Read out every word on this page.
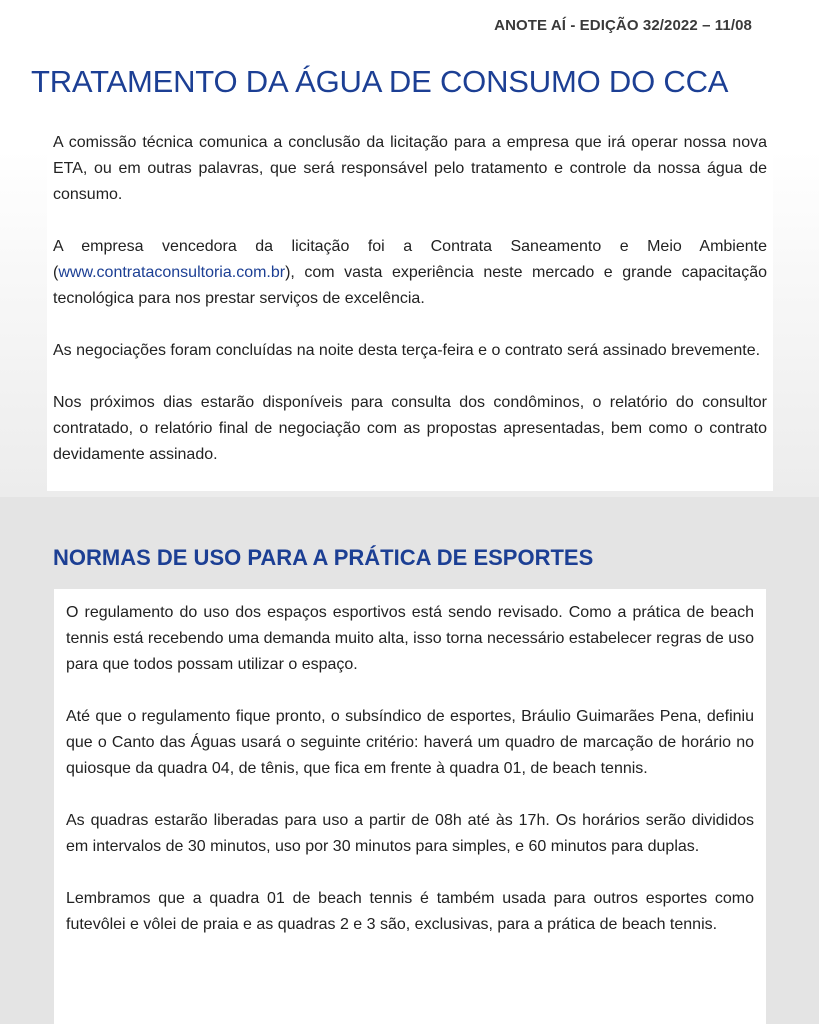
ANOTE AÍ - EDIÇÃO 32/2022 – 11/08
TRATAMENTO DA ÁGUA DE CONSUMO DO CCA

A comissão técnica comunica a conclusão da licitação para a empresa que irá operar nossa nova ETA, ou em outras palavras, que será responsável pelo tratamento e controle da nossa água de consumo.

A empresa vencedora da licitação foi a Contrata Saneamento e Meio Ambiente (www.contrataconsultoria.com.br), com vasta experiência neste mercado e grande capacitação tecnológica para nos prestar serviços de excelência.

As negociações foram concluídas na noite desta terça-feira e o contrato será assinado brevemente.

Nos próximos dias estarão disponíveis para consulta dos condôminos, o relatório do consultor contratado, o relatório final de negociação com as propostas apresentadas, bem como o contrato devidamente assinado.

NORMAS DE USO PARA A PRÁTICA DE ESPORTES

O regulamento do uso dos espaços esportivos está sendo revisado. Como a prática de beach tennis está recebendo uma demanda muito alta, isso torna necessário estabelecer regras de uso para que todos possam utilizar o espaço.

Até que o regulamento fique pronto, o subsíndico de esportes, Bráulio Guimarães Pena, definiu que o Canto das Águas usará o seguinte critério: haverá um quadro de marcação de horário no quiosque da quadra 04, de tênis, que fica em frente à quadra 01, de beach tennis.

As quadras estarão liberadas para uso a partir de 08h até às 17h. Os horários serão divididos em intervalos de 30 minutos, uso por 30 minutos para simples, e 60 minutos para duplas.

Lembramos que a quadra 01 de beach tennis é também usada para outros esportes como futevôlei e vôlei de praia e as quadras 2 e 3 são, exclusivas, para a prática de beach tennis.
